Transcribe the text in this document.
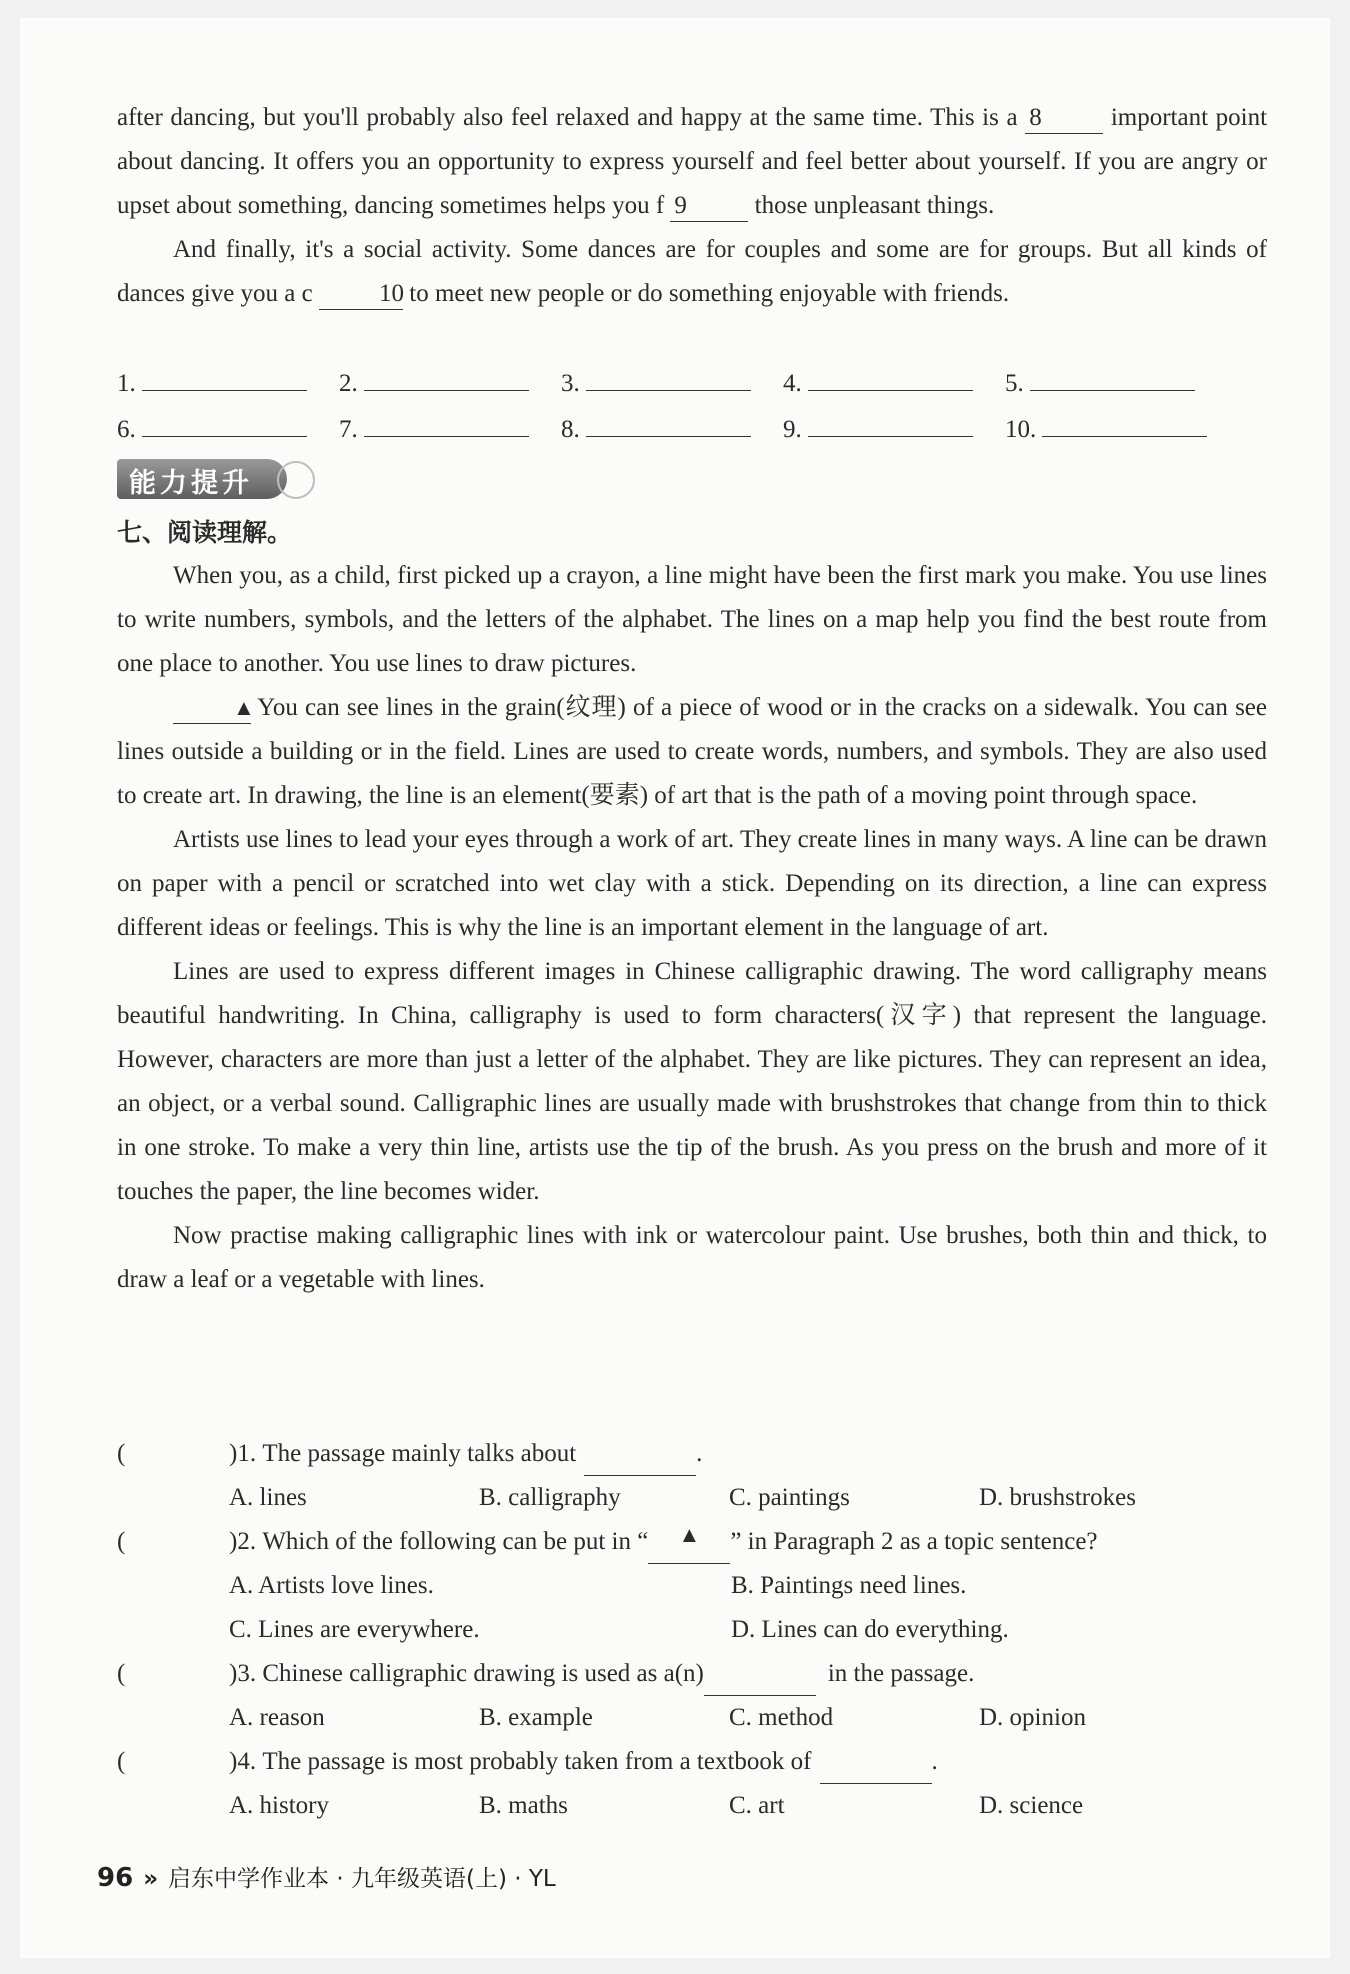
after dancing, but you'll probably also feel relaxed and happy at the same time. This is a 8	important point about dancing. It offers you an opportunity to express yourself and feel better about yourself. If you are angry or upset about something, dancing sometimes helps you f 9	those unpleasant things.

And finally, it's a social activity. Some dances are for couples and some are for groups. But all kinds of dances give you a c	10 to meet new people or do something enjoyable with friends.

1.	2.	3.	4.	5.
6.	7.	8.	9.	10.
能力提升
七、阅读理解。

When you, as a child, first picked up a crayon, a line might have been the first mark you make. You use lines to write numbers, symbols, and the letters of the alphabet. The lines on a map help you find the best route from one place to another. You use lines to draw pictures.

▲ You can see lines in the grain(纹理) of a piece of wood or in the cracks on a sidewalk. You can see lines outside a building or in the field. Lines are used to create words, numbers, and symbols. They are also used to create art. In drawing, the line is an element(要素) of art that is the path of a moving point through space.

Artists use lines to lead your eyes through a work of art. They create lines in many ways. A line can be drawn on paper with a pencil or scratched into wet clay with a stick. Depending on its direction, a line can express different ideas or feelings. This is why the line is an important element in the language of art.

Lines are used to express different images in Chinese calligraphic drawing. The word calligraphy means beautiful handwriting. In China, calligraphy is used to form characters(汉字) that represent the language. However, characters are more than just a letter of the alphabet. They are like pictures. They can represent an idea, an object, or a verbal sound. Calligraphic lines are usually made with brushstrokes that change from thin to thick in one stroke. To make a very thin line, artists use the tip of the brush. As you press on the brush and more of it touches the paper, the line becomes wider.

Now practise making calligraphic lines with ink or watercolour paint. Use brushes, both thin and thick, to draw a leaf or a vegetable with lines.

(	)1.
The passage mainly talks about	.
A. lines	B. calligraphy	C. paintings	D. brushstrokes
(	)2.
Which of the following can be put in “	▲	” in Paragraph 2 as a topic sentence?
A. Artists love lines.	B. Paintings need lines.
C. Lines are everywhere.	D. Lines can do everything.
(	)3.
Chinese calligraphic drawing is used as a(n)	in the passage.
A. reason	B. example	C. method	D. opinion
(	)4.
The passage is most probably taken from a textbook of	.
A. history	B. maths	C. art	D. science
96 » 启东中学作业本 · 九年级英语(上) · YL
